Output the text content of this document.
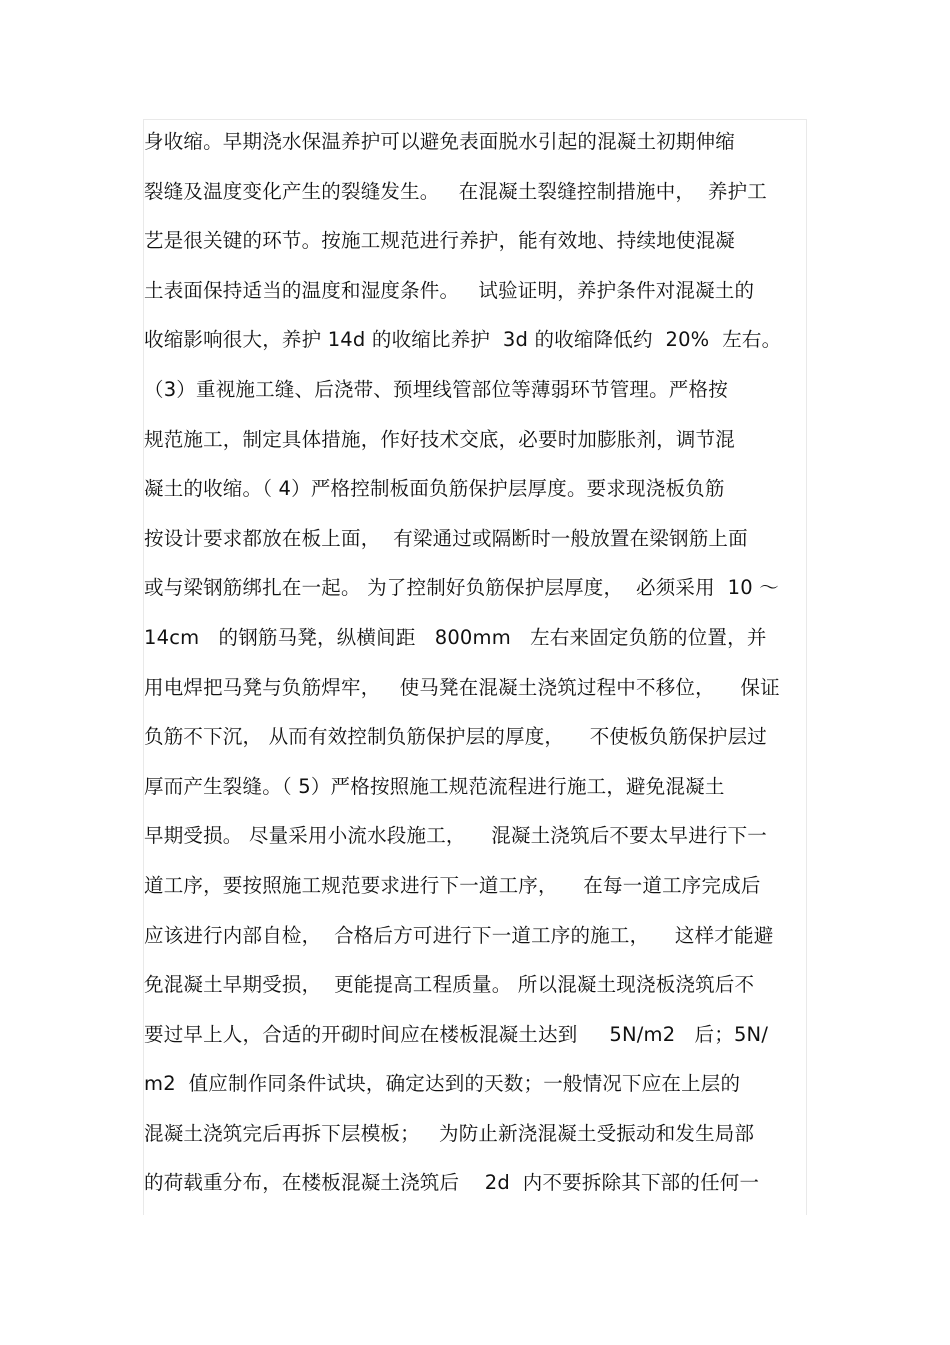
身收缩。早期浇水保温养护可以避免表面脱水引起的混凝土初期伸缩
裂缝及温度变化产生的裂缝发生。   在混凝土裂缝控制措施中，  养护工
艺是很关键的环节。按施工规范进行养护，能有效地、持续地使混凝
土表面保持适当的温度和湿度条件。   试验证明，养护条件对混凝土的
收缩影响很大，养护 14d 的收缩比养护  3d 的收缩降低约  20%  左右。
（3）重视施工缝、后浇带、预埋线管部位等薄弱环节管理。严格按
规范施工，制定具体措施，作好技术交底，必要时加膨胀剂，调节混
凝土的收缩。（ 4）严格控制板面负筋保护层厚度。要求现浇板负筋
按设计要求都放在板上面，  有梁通过或隔断时一般放置在梁钢筋上面
或与梁钢筋绑扎在一起。 为了控制好负筋保护层厚度，  必须采用  10 ～
14cm   的钢筋马凳，纵横间距   800mm   左右来固定负筋的位置，并
用电焊把马凳与负筋焊牢，   使马凳在混凝土浇筑过程中不移位，    保证
负筋不下沉， 从而有效控制负筋保护层的厚度，    不使板负筋保护层过
厚而产生裂缝。（ 5）严格按照施工规范流程进行施工，避免混凝土
早期受损。 尽量采用小流水段施工，    混凝土浇筑后不要太早进行下一
道工序，要按照施工规范要求进行下一道工序，    在每一道工序完成后
应该进行内部自检，  合格后方可进行下一道工序的施工，    这样才能避
免混凝土早期受损，  更能提高工程质量。 所以混凝土现浇板浇筑后不
要过早上人，合适的开砌时间应在楼板混凝土达到     5N/m2   后；5N/
m2  值应制作同条件试块，确定达到的天数；一般情况下应在上层的
混凝土浇筑完后再拆下层模板；   为防止新浇混凝土受振动和发生局部
的荷载重分布，在楼板混凝土浇筑后    2d  内不要拆除其下部的任何一
